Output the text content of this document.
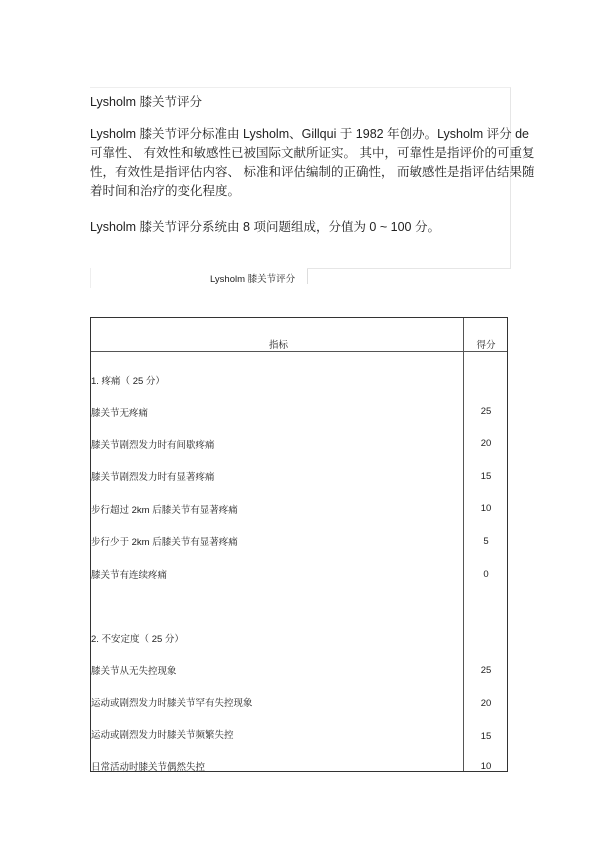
Lysholm 膝关节评分
Lysholm 膝关节评分标准由 Lysholm、Gillqui 于 1982 年创办。Lysholm 评分 de
可靠性、 有效性和敏感性已被国际文献所证实。 其中，可靠性是指评价的可重复
性，有效性是指评估内容、 标准和评估编制的正确性， 而敏感性是指评估结果随
着时间和治疗的变化程度。
Lysholm 膝关节评分系统由 8 项问题组成，分值为 0 ~ 100 分。
Lysholm 膝关节评分
指标	得分
1. 疼痛（ 25 分）
膝关节无疼痛	25
膝关节剧烈发力时有间歇疼痛	20
膝关节剧烈发力时有显著疼痛	15
步行超过 2km 后膝关节有显著疼痛	10
步行少于 2km 后膝关节有显著疼痛	5
膝关节有连续疼痛	0
2. 不安定度（ 25 分）
膝关节从无失控现象	25
运动或剧烈发力时膝关节罕有失控现象	20
运动或剧烈发力时膝关节频繁失控	15
日常活动时膝关节偶然失控	10
